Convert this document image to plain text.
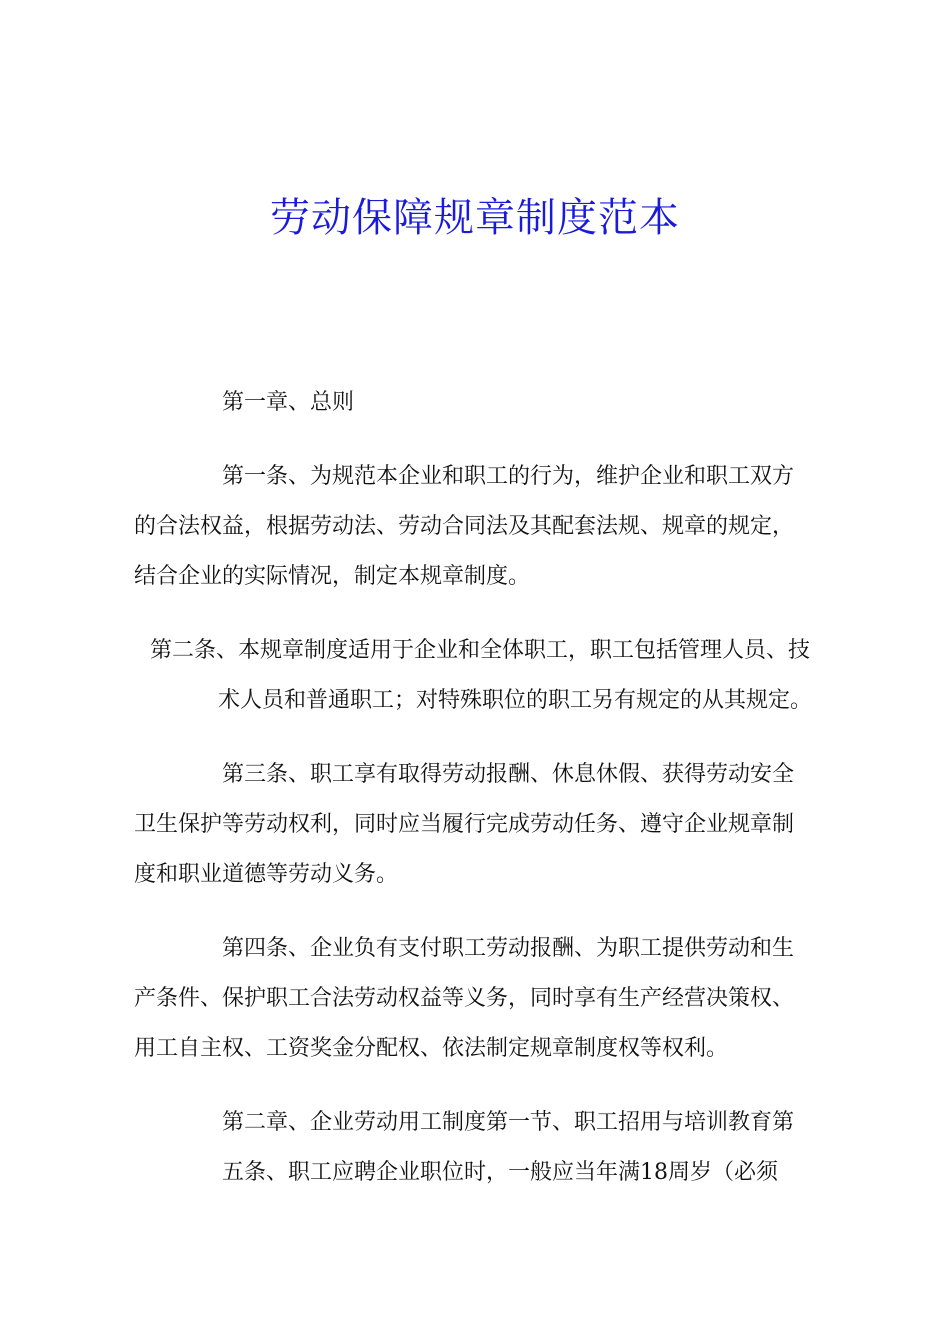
劳动保障规章制度范本
第一章、总则
第一条、为规范本企业和职工的行为，维护企业和职工双方
的合法权益，根据劳动法、劳动合同法及其配套法规、规章的规定，
结合企业的实际情况，制定本规章制度。
第二条、本规章制度适用于企业和全体职工，职工包括管理人员、技
术人员和普通职工；对特殊职位的职工另有规定的从其规定。
第三条、职工享有取得劳动报酬、休息休假、获得劳动安全
卫生保护等劳动权利，同时应当履行完成劳动任务、遵守企业规章制
度和职业道德等劳动义务。
第四条、企业负有支付职工劳动报酬、为职工提供劳动和生
产条件、保护职工合法劳动权益等义务，同时享有生产经营决策权、
用工自主权、工资奖金分配权、依法制定规章制度权等权利。
第二章、企业劳动用工制度第一节、职工招用与培训教育第
五条、职工应聘企业职位时，一般应当年满18周岁（必须
